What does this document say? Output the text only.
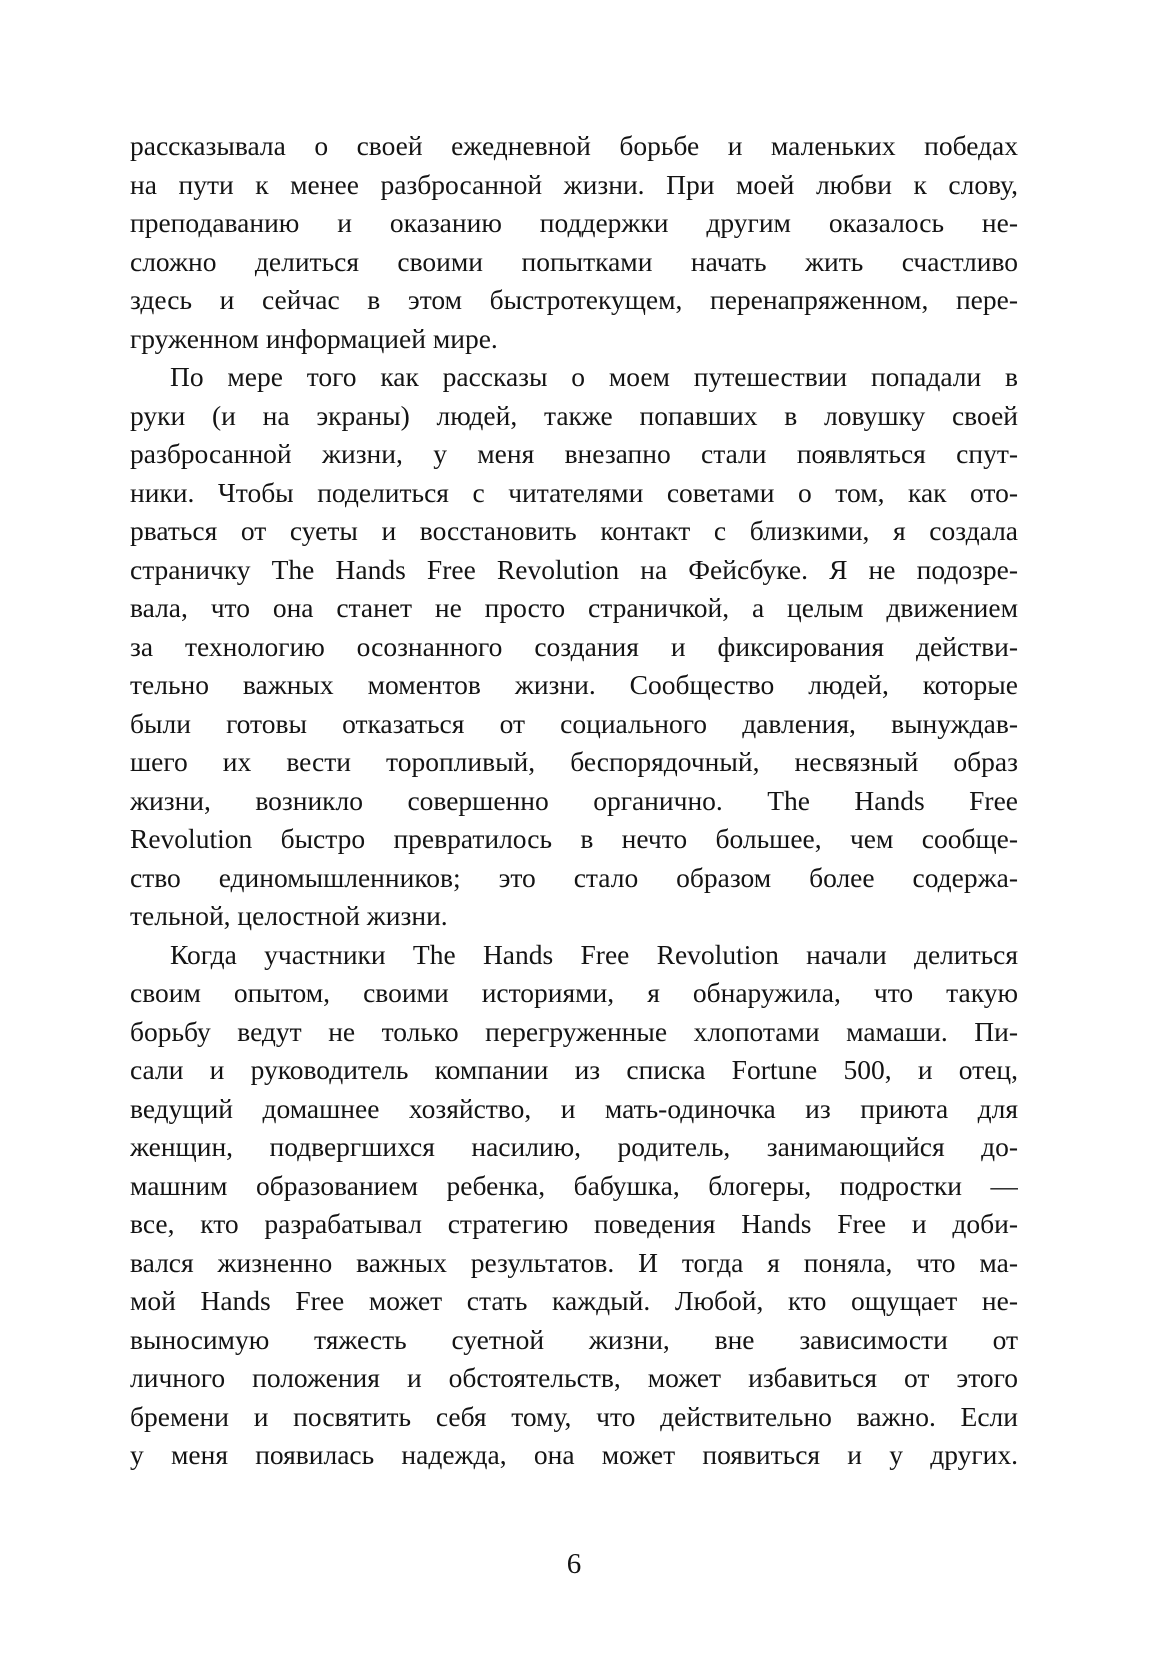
рассказывала о своей ежедневной борьбе и маленьких победах
на пути к менее разбросанной жизни. При моей любви к слову,
преподаванию и оказанию поддержки другим оказалось не-
сложно делиться своими попытками начать жить счастливо
здесь и сейчас в этом быстротекущем, перенапряженном, пере-
груженном информацией мире.
По мере того как рассказы о моем путешествии попадали в
руки (и на экраны) людей, также попавших в ловушку своей
разбросанной жизни, у меня внезапно стали появляться спут-
ники. Чтобы поделиться с читателями советами о том, как ото-
рваться от суеты и восстановить контакт с близкими, я создала
страничку The Hands Free Revolution на Фейсбуке. Я не подозре-
вала, что она станет не просто страничкой, а целым движением
за технологию осознанного создания и фиксирования действи-
тельно важных моментов жизни. Сообщество людей, которые
были готовы отказаться от социального давления, вынуждав-
шего их вести торопливый, беспорядочный, несвязный образ
жизни, возникло совершенно органично. The Hands Free
Revolution быстро превратилось в нечто большее, чем сообще-
ство единомышленников; это стало образом более содержа-
тельной, целостной жизни.
Когда участники The Hands Free Revolution начали делиться
своим опытом, своими историями, я обнаружила, что такую
борьбу ведут не только перегруженные хлопотами мамаши. Пи-
сали и руководитель компании из списка Fortune 500, и отец,
ведущий домашнее хозяйство, и мать-одиночка из приюта для
женщин, подвергшихся насилию, родитель, занимающийся до-
машним образованием ребенка, бабушка, блогеры, подростки —
все, кто разрабатывал стратегию поведения Hands Free и доби-
вался жизненно важных результатов. И тогда я поняла, что ма-
мой Hands Free может стать каждый. Любой, кто ощущает не-
выносимую тяжесть суетной жизни, вне зависимости от
личного положения и обстоятельств, может избавиться от этого
бремени и посвятить себя тому, что действительно важно. Если
у меня появилась надежда, она может появиться и у других.
6
